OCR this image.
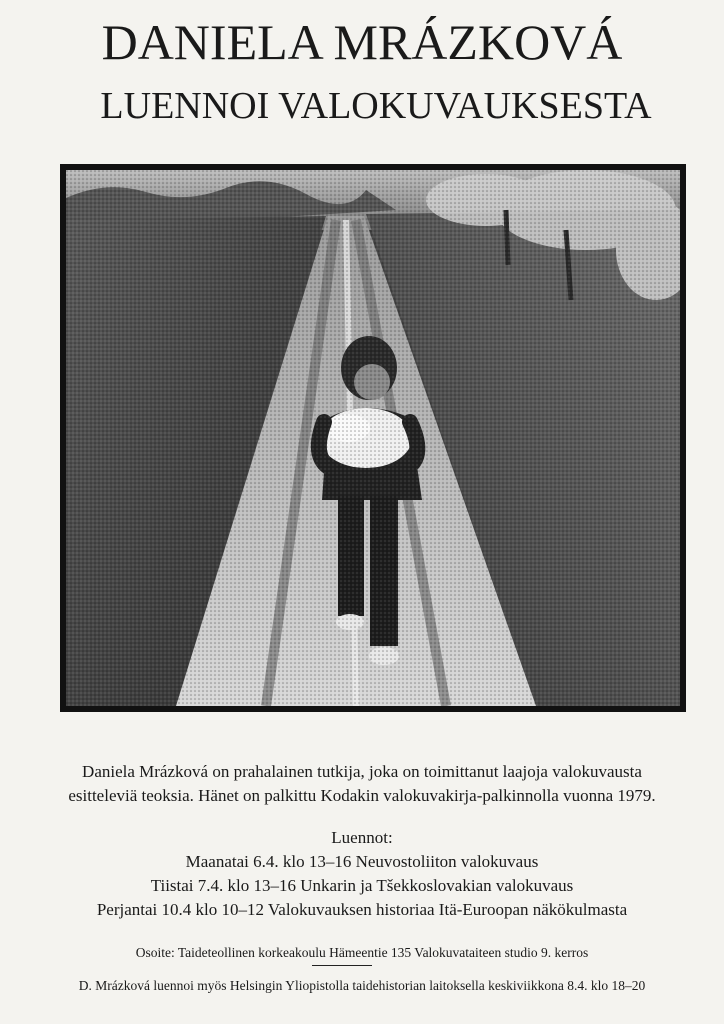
DANIELA MRÁZKOVÁ
LUENNOI VALOKUVAUKSESTA
Daniela Mrázková on prahalainen tutkija, joka on toimittanut laajoja valokuvausta
esitteleviä teoksia. Hänet on palkittu Kodakin valokuvakirja-palkinnolla vuonna 1979.
Luennot:
Maanatai 6.4. klo 13–16 Neuvostoliiton valokuvaus
Tiistai 7.4. klo 13–16 Unkarin ja Tšekkoslovakian valokuvaus
Perjantai 10.4 klo 10–12 Valokuvauksen historiaa Itä-Euroopan näkökulmasta
Osoite: Taideteollinen korkeakoulu Hämeentie 135 Valokuvataiteen studio 9. kerros
D. Mrázková luennoi myös Helsingin Yliopistolla taidehistorian laitoksella keskiviikkona 8.4. klo 18–20
